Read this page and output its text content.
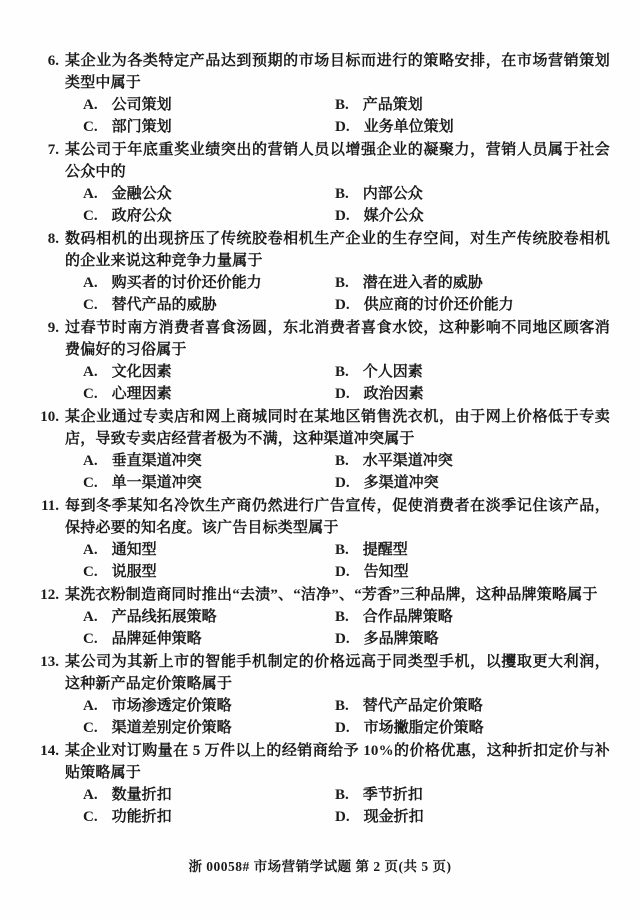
6. 某企业为各类特定产品达到预期的市场目标而进行的策略安排，在市场营销策划类型中属于

A. 公司策划	B. 产品策划
C. 部门策划	D. 业务单位策划
7. 某公司于年底重奖业绩突出的营销人员以增强企业的凝聚力，营销人员属于社会公众中的

A. 金融公众	B. 内部公众
C. 政府公众	D. 媒介公众
8. 数码相机的出现挤压了传统胶卷相机生产企业的生存空间，对生产传统胶卷相机的企业来说这种竞争力量属于

A. 购买者的讨价还价能力	B. 潜在进入者的威胁
C. 替代产品的威胁	D. 供应商的讨价还价能力
9. 过春节时南方消费者喜食汤圆，东北消费者喜食水饺，这种影响不同地区顾客消费偏好的习俗属于

A. 文化因素	B. 个人因素
C. 心理因素	D. 政治因素
10. 某企业通过专卖店和网上商城同时在某地区销售洗衣机，由于网上价格低于专卖店，导致专卖店经营者极为不满，这种渠道冲突属于

A. 垂直渠道冲突	B. 水平渠道冲突
C. 单一渠道冲突	D. 多渠道冲突
11. 每到冬季某知名冷饮生产商仍然进行广告宣传，促使消费者在淡季记住该产品，保持必要的知名度。该广告目标类型属于

A. 通知型	B. 提醒型
C. 说服型	D. 告知型
12. 某洗衣粉制造商同时推出“去渍”、“洁净”、“芳香”三种品牌，这种品牌策略属于

A. 产品线拓展策略	B. 合作品牌策略
C. 品牌延伸策略	D. 多品牌策略
13. 某公司为其新上市的智能手机制定的价格远高于同类型手机，以攫取更大利润，这种新产品定价策略属于

A. 市场渗透定价策略	B. 替代产品定价策略
C. 渠道差别定价策略	D. 市场撇脂定价策略
14. 某企业对订购量在 5 万件以上的经销商给予 10%的价格优惠，这种折扣定价与补贴策略属于

A. 数量折扣	B. 季节折扣
C. 功能折扣	D. 现金折扣
浙 00058# 市场营销学试题 第 2 页(共 5 页)
